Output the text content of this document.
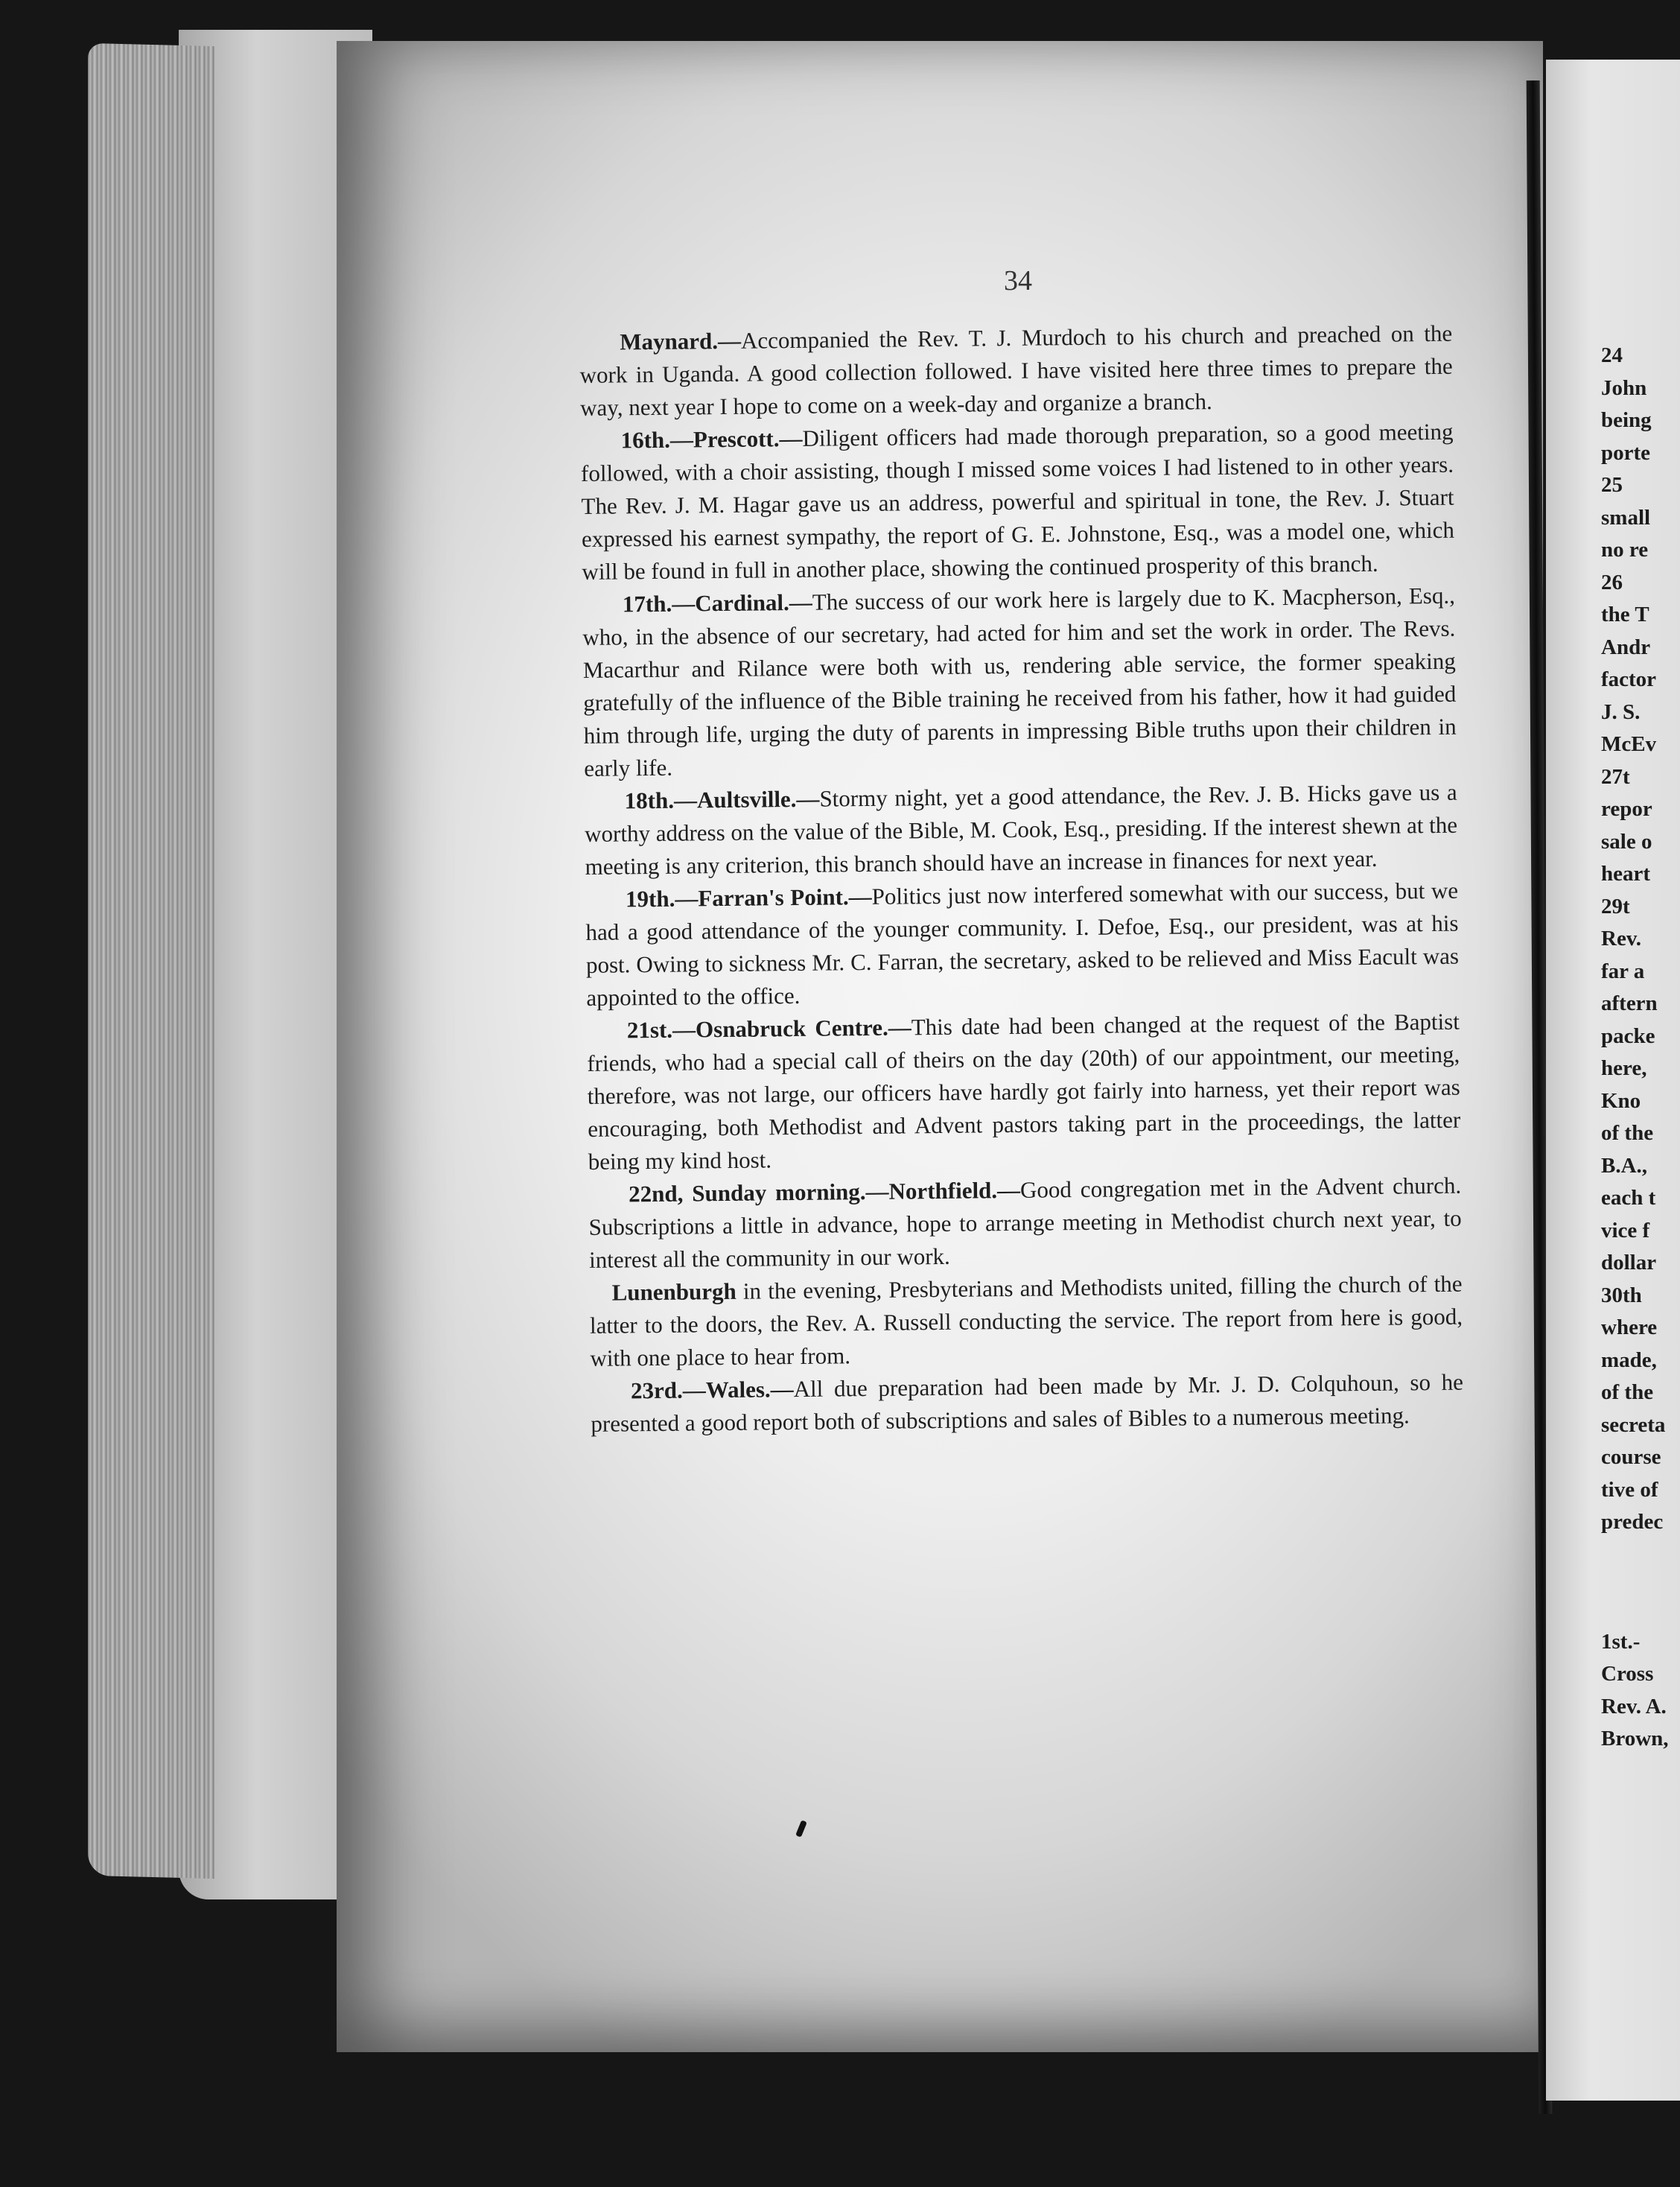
34

Maynard.—Accompanied the Rev. T. J. Murdoch to his church and preached on the work in Uganda. A good collection followed. I have visited here three times to prepare the way, next year I hope to come on a week-day and organize a branch.

16th.—Prescott.—Diligent officers had made thorough preparation, so a good meeting followed, with a choir assisting, though I missed some voices I had listened to in other years. The Rev. J. M. Hagar gave us an address, powerful and spiritual in tone, the Rev. J. Stuart expressed his earnest sympathy, the report of G. E. Johnstone, Esq., was a model one, which will be found in full in another place, showing the continued prosperity of this branch.

17th.—Cardinal.—The success of our work here is largely due to K. Macpherson, Esq., who, in the absence of our secretary, had acted for him and set the work in order. The Revs. Macarthur and Rilance were both with us, rendering able service, the former speaking gratefully of the influence of the Bible training he received from his father, how it had guided him through life, urging the duty of parents in impressing Bible truths upon their children in early life.

18th.—Aultsville.—Stormy night, yet a good attendance, the Rev. J. B. Hicks gave us a worthy address on the value of the Bible, M. Cook, Esq., presiding. If the interest shewn at the meeting is any criterion, this branch should have an increase in finances for next year.

19th.—Farran's Point.—Politics just now interfered somewhat with our success, but we had a good attendance of the younger community. I. Defoe, Esq., our president, was at his post. Owing to sickness Mr. C. Farran, the secretary, asked to be relieved and Miss Eacult was appointed to the office.

21st.—Osnabruck Centre.—This date had been changed at the request of the Baptist friends, who had a special call of theirs on the day (20th) of our appointment, our meeting, therefore, was not large, our officers have hardly got fairly into harness, yet their report was encouraging, both Methodist and Advent pastors taking part in the proceedings, the latter being my kind host.

22nd, Sunday morning.—Northfield.—Good congregation met in the Advent church. Subscriptions a little in advance, hope to arrange meeting in Methodist church next year, to interest all the community in our work.

Lunenburgh in the evening, Presbyterians and Methodists united, filling the church of the latter to the doors, the Rev. A. Russell conducting the service. The report from here is good, with one place to hear from.

23rd.—Wales.—All due preparation had been made by Mr. J. D. Colquhoun, so he presented a good report both of subscriptions and sales of Bibles to a numerous meeting.

24
John
being
porte
25
small
no re
26
the T
Andr
factor
J. S.
McEv
27t
repor
sale o
heart
29t
Rev.
far a
aftern
packe
here,
Kno
of the
B.A.,
each t
vice f
dollar
30th
where
made,
of the
secreta
course
tive of
predec
1st.-
Cross
Rev. A.
Brown,
